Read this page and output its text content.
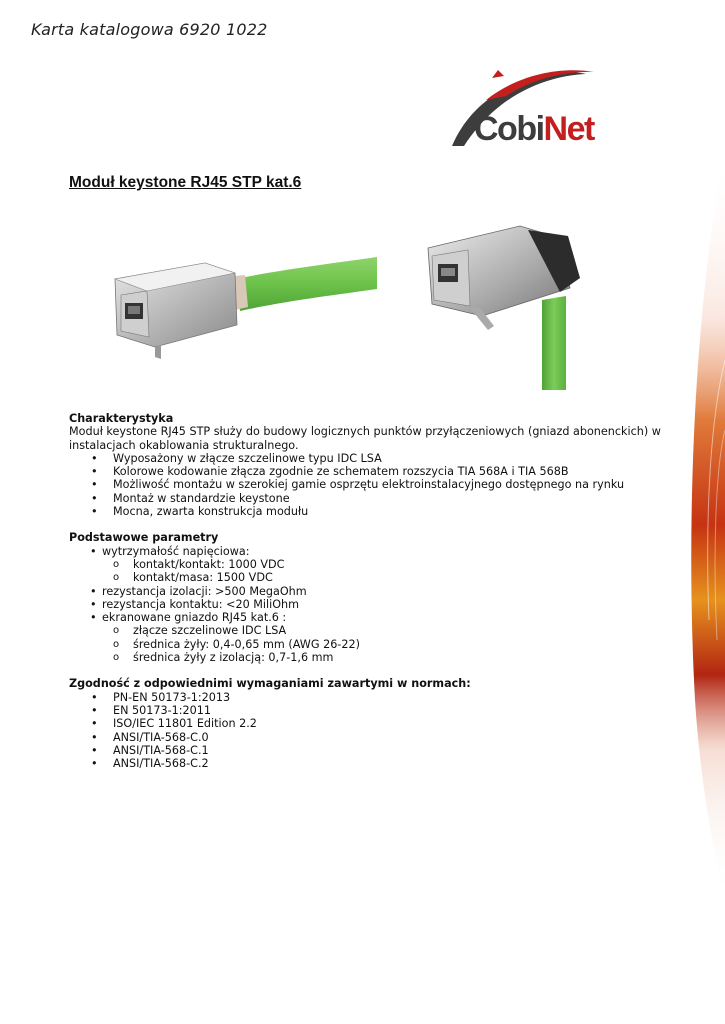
Karta katalogowa 6920 1022
CobiNet
Moduł keystone RJ45 STP kat.6
Charakterystyka

Moduł keystone RJ45 STP służy do budowy logicznych punktów przyłączeniowych (gniazd abonenckich) w instalacjach okablowania strukturalnego.

• Wyposażony w złącze szczelinowe typu IDC LSA
• Kolorowe kodowanie złącza zgodnie ze schematem rozszycia TIA 568A i TIA 568B
• Możliwość montażu w szerokiej gamie osprzętu elektroinstalacyjnego dostępnego na rynku
• Montaż w standardzie keystone
• Mocna, zwarta konstrukcja modułu
Podstawowe parametry
• wytrzymałość napięciowa:
o kontakt/kontakt: 1000 VDC
o kontakt/masa: 1500 VDC
• rezystancja izolacji: >500 MegaOhm
• rezystancja kontaktu: <20 MiliOhm
• ekranowane gniazdo RJ45 kat.6 :
o złącze szczelinowe IDC LSA
o średnica żyły: 0,4-0,65 mm (AWG 26-22)
o średnica żyły z izolacją: 0,7-1,6 mm
Zgodność z odpowiednimi wymaganiami zawartymi w normach:
• PN-EN 50173-1:2013
• EN 50173-1:2011
• ISO/IEC 11801 Edition 2.2
• ANSI/TIA-568-C.0
• ANSI/TIA-568-C.1
• ANSI/TIA-568-C.2
